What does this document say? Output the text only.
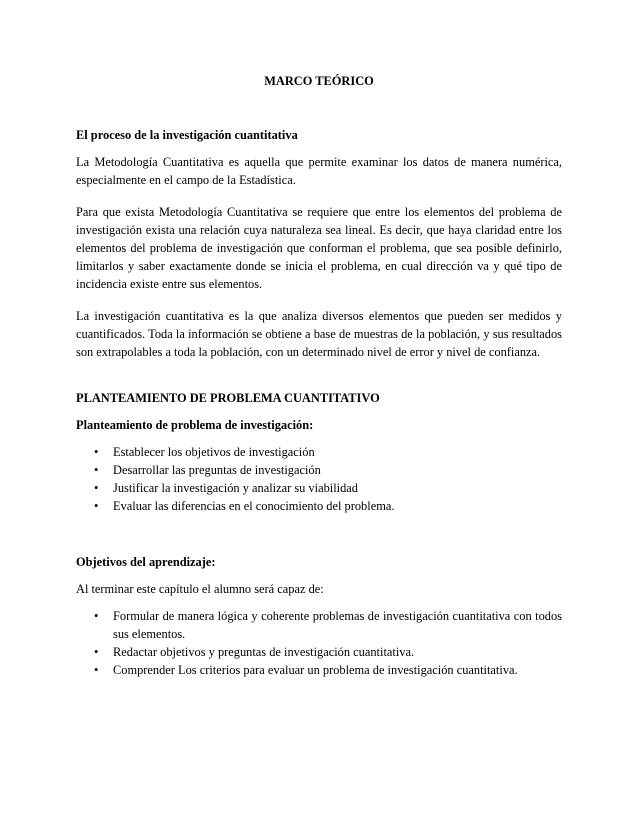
MARCO TEÓRICO
El proceso de la investigación cuantitativa

La Metodología Cuantitativa es aquella que permite examinar los datos de manera numérica, especialmente en el campo de la Estadística.

Para que exista Metodología Cuantitativa se requiere que entre los elementos del problema de investigación exista una relación cuya naturaleza sea lineal. Es decir, que haya claridad entre los elementos del problema de investigación que conforman el problema, que sea posible definirlo, limitarlos y saber exactamente donde se inicia el problema, en cual dirección va y qué tipo de incidencia existe entre sus elementos.

La investigación cuantitativa es la que analiza diversos elementos que pueden ser medidos y cuantificados. Toda la información se obtiene a base de muestras de la población, y sus resultados son extrapolables a toda la población, con un determinado nivel de error y nivel de confianza.

PLANTEAMIENTO DE PROBLEMA CUANTITATIVO
Planteamiento de problema de investigación:
• Establecer los objetivos de investigación
• Desarrollar las preguntas de investigación
• Justificar la investigación y analizar su viabilidad
• Evaluar las diferencias en el conocimiento del problema.
Objetivos del aprendizaje:

Al terminar este capítulo el alumno será capaz de:

• Formular de manera lógica y coherente problemas de investigación cuantitativa con todos sus elementos.
• Redactar objetivos y preguntas de investigación cuantitativa.
• Comprender Los criterios para evaluar un problema de investigación cuantitativa.
